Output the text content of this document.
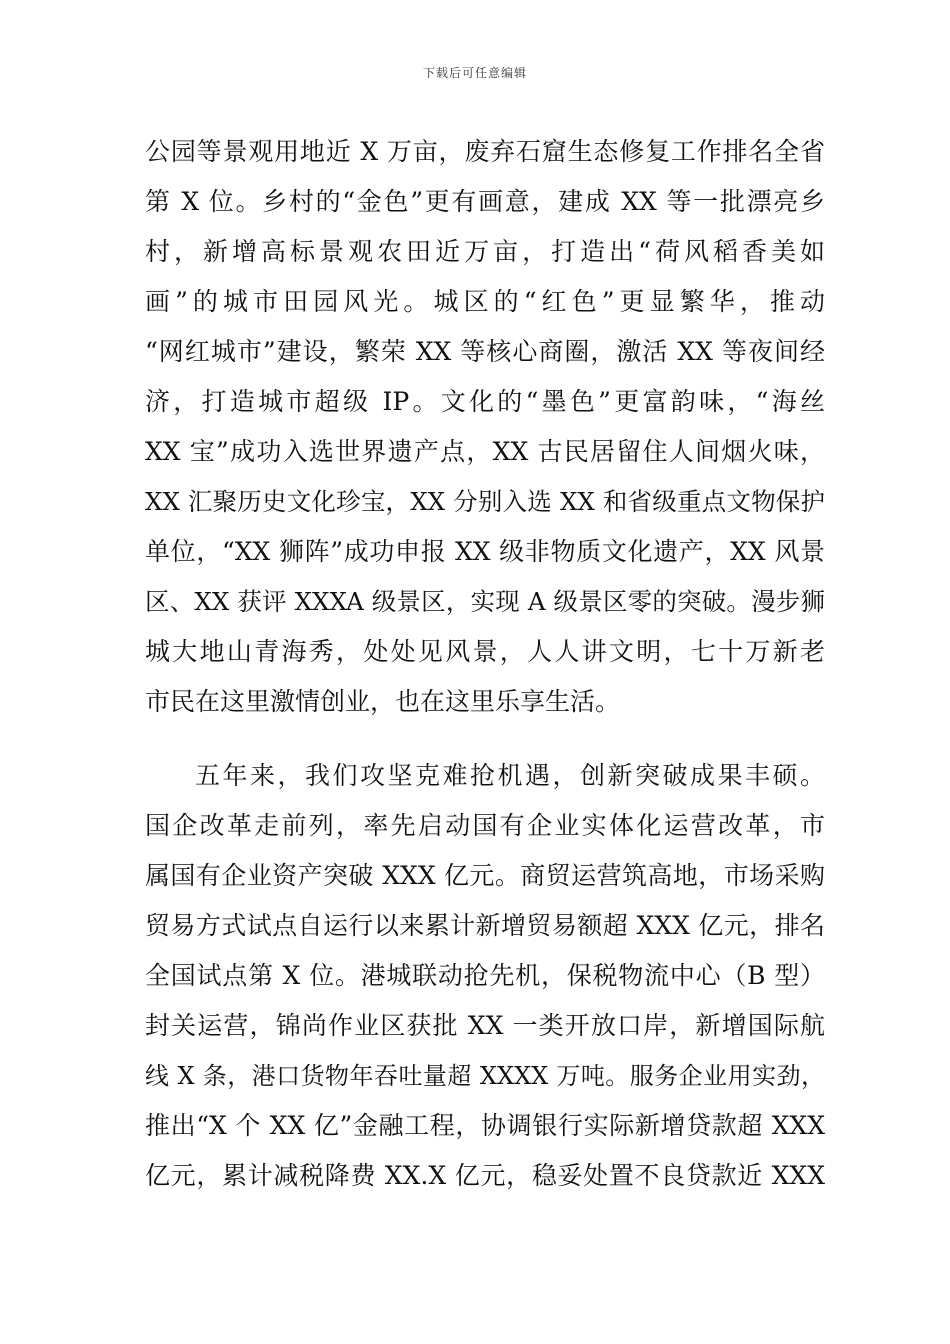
下载后可任意编辑
公园等景观用地近 X 万亩，废弃石窟生态修复工作排名全省
第 X 位。乡村的“金色”更有画意，建成 XX 等一批漂亮乡
村，新增高标景观农田近万亩，打造出“荷风稻香美如
画”的城市田园风光。城区的“红色”更显繁华，推动
“网红城市”建设，繁荣 XX 等核心商圈，激活 XX 等夜间经
济，打造城市超级 IP。文化的“墨色”更富韵味，“海丝
XX 宝”成功入选世界遗产点，XX 古民居留住人间烟火味，
XX 汇聚历史文化珍宝，XX 分别入选 XX 和省级重点文物保护
单位，“XX 狮阵”成功申报 XX 级非物质文化遗产，XX 风景
区、XX 获评 XXXA 级景区，实现 A 级景区零的突破。漫步狮
城大地山青海秀，处处见风景，人人讲文明，七十万新老
市民在这里激情创业，也在这里乐享生活。
五年来，我们攻坚克难抢机遇，创新突破成果丰硕。
国企改革走前列，率先启动国有企业实体化运营改革，市
属国有企业资产突破 XXX 亿元。商贸运营筑高地，市场采购
贸易方式试点自运行以来累计新增贸易额超 XXX 亿元，排名
全国试点第 X 位。港城联动抢先机，保税物流中心（B 型）
封关运营，锦尚作业区获批 XX 一类开放口岸，新增国际航
线 X 条，港口货物年吞吐量超 XXXX 万吨。服务企业用实劲，
推出“X 个 XX 亿”金融工程，协调银行实际新增贷款超 XXX
亿元，累计减税降费 XX.X 亿元，稳妥处置不良贷款近 XXX
